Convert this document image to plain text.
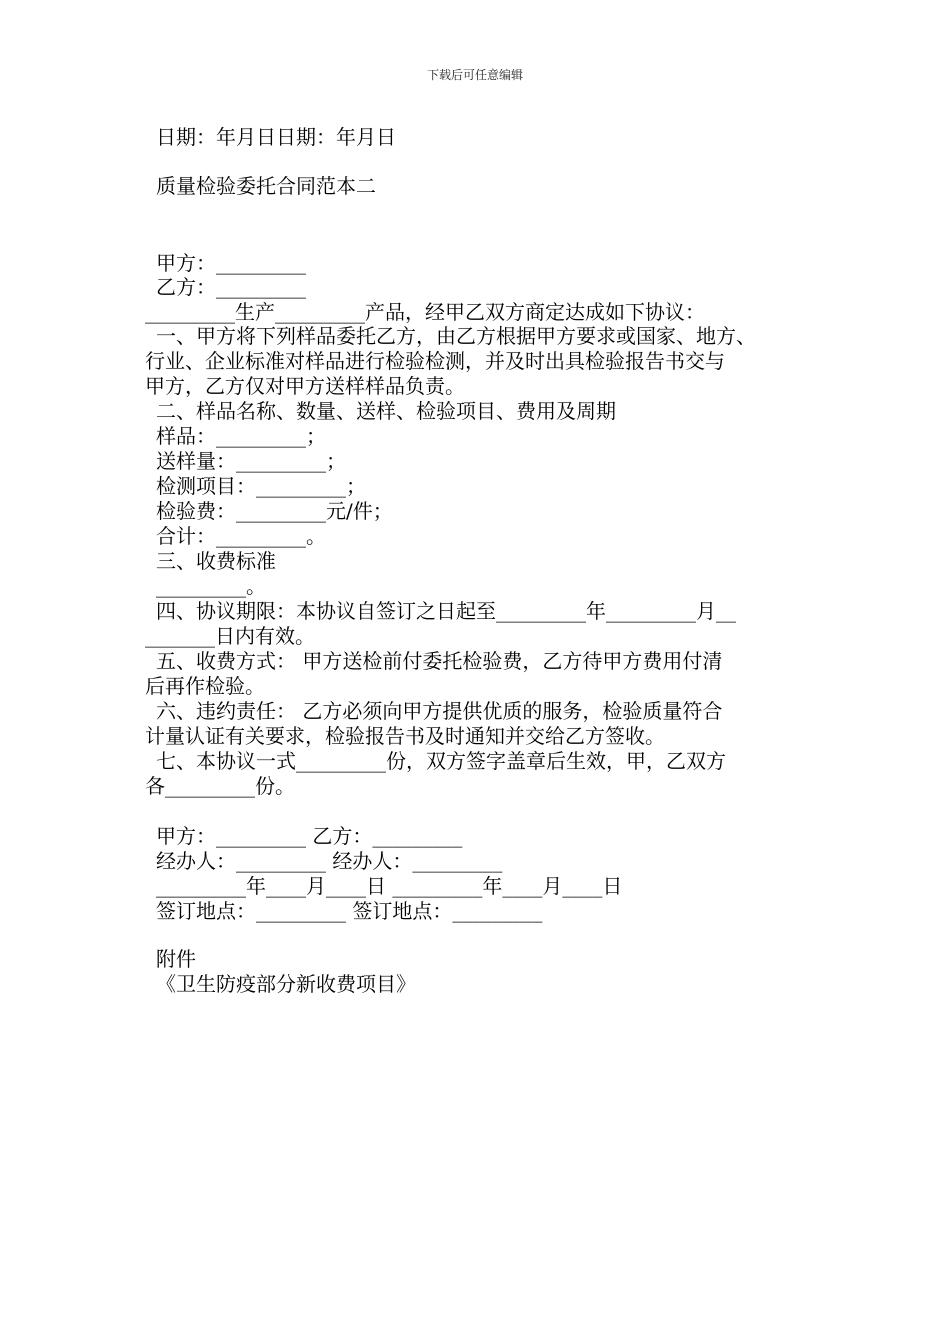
下载后可任意编辑
日期：年月日日期：年月日
质量检验委托合同范本二
甲方：_________
乙方：_________
_________生产_________产品，经甲乙双方商定达成如下协议：
一、甲方将下列样品委托乙方，由乙方根据甲方要求或国家、地方、
行业、企业标准对样品进行检验检测，并及时出具检验报告书交与
甲方，乙方仅对甲方送样样品负责。
二、样品名称、数量、送样、检验项目、费用及周期
样品：_________；
送样量：_________；
检测项目：_________；
检验费：_________元/件；
合计：_________。
三、收费标准
_________。
四、协议期限：本协议自签订之日起至_________年_________月__
_______日内有效。
五、收费方式： 甲方送检前付委托检验费，乙方待甲方费用付清
后再作检验。
六、违约责任： 乙方必须向甲方提供优质的服务，检验质量符合
计量认证有关要求，检验报告书及时通知并交给乙方签收。
七、本协议一式_________份，双方签字盖章后生效，甲，乙双方
各_________份。
甲方：_________ 乙方：_________
经办人：_________ 经办人：_________
_________年____月____日 _________年____月____日
签订地点：_________ 签订地点：_________
附件
《卫生防疫部分新收费项目》
